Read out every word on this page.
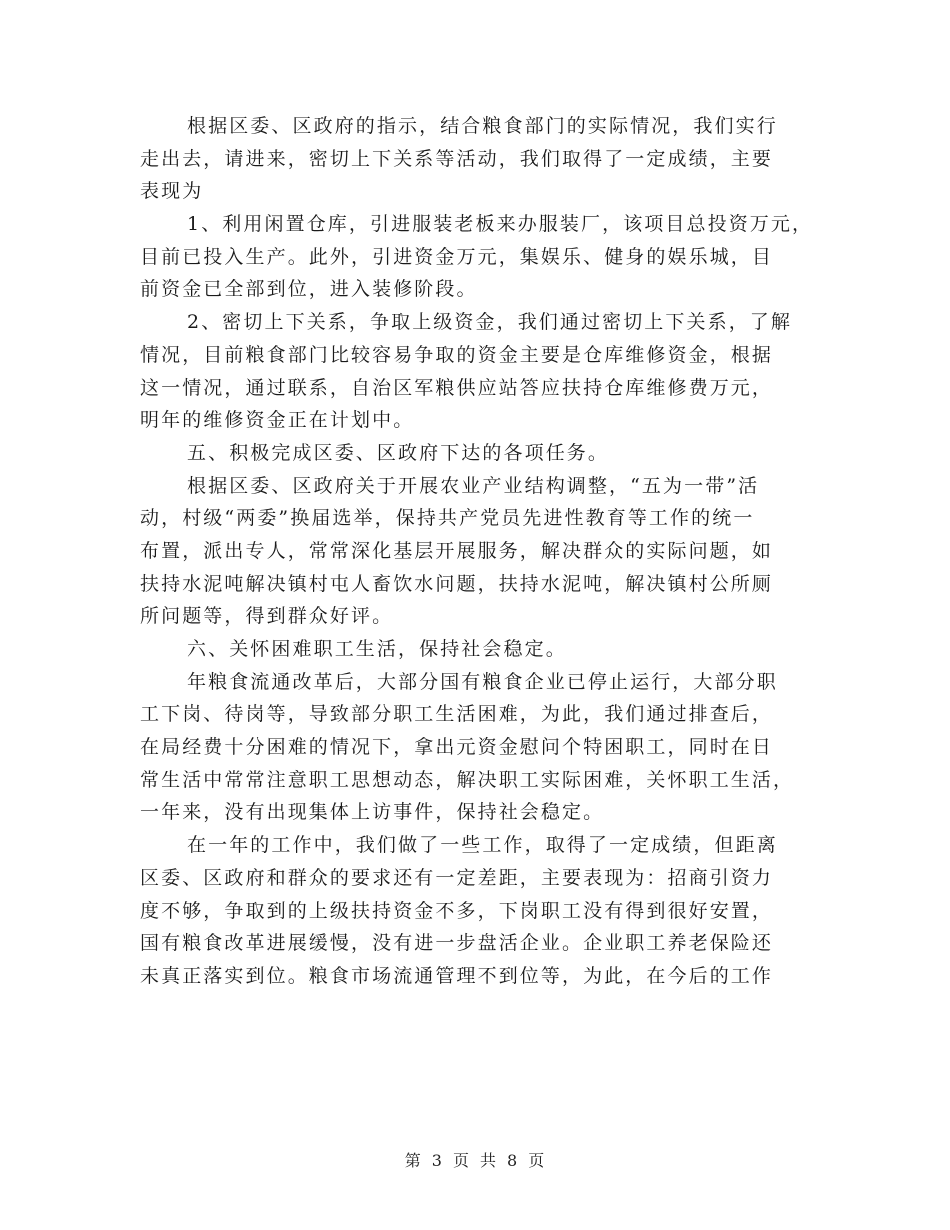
根据区委、区政府的指示，结合粮食部门的实际情况，我们实行
走出去，请进来，密切上下关系等活动，我们取得了一定成绩，主要
表现为
1、利用闲置仓库，引进服装老板来办服装厂，该项目总投资万元，
目前已投入生产。此外，引进资金万元，集娱乐、健身的娱乐城，目
前资金已全部到位，进入装修阶段。
2、密切上下关系，争取上级资金，我们通过密切上下关系，了解
情况，目前粮食部门比较容易争取的资金主要是仓库维修资金，根据
这一情况，通过联系，自治区军粮供应站答应扶持仓库维修费万元，
明年的维修资金正在计划中。
五、积极完成区委、区政府下达的各项任务。
根据区委、区政府关于开展农业产业结构调整，“五为一带”活
动，村级“两委”换届选举，保持共产党员先进性教育等工作的统一
布置，派出专人，常常深化基层开展服务，解决群众的实际问题，如
扶持水泥吨解决镇村屯人畜饮水问题，扶持水泥吨，解决镇村公所厕
所问题等，得到群众好评。
六、关怀困难职工生活，保持社会稳定。
年粮食流通改革后，大部分国有粮食企业已停止运行，大部分职
工下岗、待岗等，导致部分职工生活困难，为此，我们通过排查后，
在局经费十分困难的情况下，拿出元资金慰问个特困职工，同时在日
常生活中常常注意职工思想动态，解决职工实际困难，关怀职工生活，
一年来，没有出现集体上访事件，保持社会稳定。
在一年的工作中，我们做了一些工作，取得了一定成绩，但距离
区委、区政府和群众的要求还有一定差距，主要表现为：招商引资力
度不够，争取到的上级扶持资金不多，下岗职工没有得到很好安置，
国有粮食改革进展缓慢，没有进一步盘活企业。企业职工养老保险还
未真正落实到位。粮食市场流通管理不到位等，为此，在今后的工作
第 3 页 共 8 页
